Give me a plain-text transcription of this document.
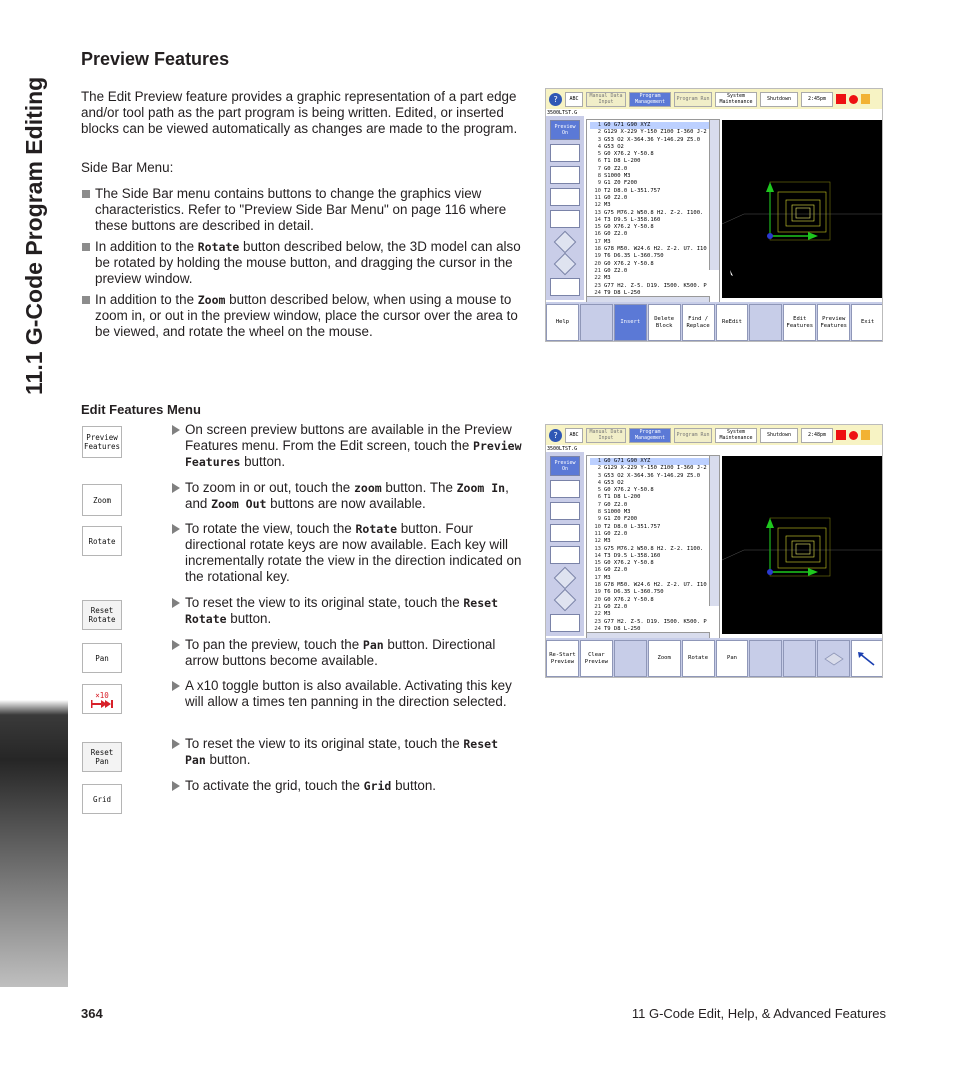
11.1 G-Code Program Editing
Preview Features

The Edit Preview feature provides a graphic representation of a part edge and/or tool path as the part program is being written. Edited, or inserted blocks can be viewed automatically as changes are made to the program.

Side Bar Menu:

The Side Bar menu contains buttons to change the graphics view characteristics. Refer to "Preview Side Bar Menu" on page 116 where these buttons are described in detail.
In addition to the Rotate button described below, the 3D model can also be rotated by holding the mouse button, and dragging the cursor in the preview window.
In addition to the Zoom button described below, when using a mouse to zoom in, or out in the preview window, place the cursor over the area to be viewed, and rotate the wheel on the mouse.
?	ABC	Manual Data Input
Program Management	Program Run	System Maintenance	Shutdown	2:45pm
3500LTST.G
Preview On
1 G0 G71 G90 XYZ
2 G129 X-229 Y-150 Z100 I-360 J-2
3 G53 O2 X-364.36 Y-146.29 Z5.0
4 G53 O2
5 G0 X76.2 Y-50.8
6 T1 D8 L-200
7 G0 Z2.0
8 S1000 M3
9 G1 Z0 F200
10 T2 D8.0 L-351.757
11 G0 Z2.0
12 M3
13 G75 M76.2 W50.8 H2. Z-2. I100.
14 T3 D9.5 L-358.160
15 G0 X76.2 Y-50.8
16 G0 Z2.0
17 M3
18 G78 M50. W24.6 H2. Z-2. U7. I10
19 T6 D6.35 L-360.750
20 G0 X76.2 Y-50.8
21 G0 Z2.0
22 M3
23 G77 H2. Z-5. D19. I500. K500. P
24 T9 D8 L-250
Help	Insert
Delete Block
Find / Replace
ReEdit
Edit Features
Preview Features
Exit
Edit Features Menu
Preview Features
Zoom
Rotate
Reset Rotate
Pan
×10
Reset Pan
Grid
On screen preview buttons are available in the Preview Features menu. From the Edit screen, touch the Preview Features button.
To zoom in or out, touch the zoom button. The Zoom In, and Zoom Out buttons are now available.
To rotate the view, touch the Rotate button. Four directional rotate keys are now available. Each key will incrementally rotate the view in the direction indicated on the rotational key.
To reset the view to its original state, touch the Reset Rotate button.
To pan the preview, touch the Pan button. Directional arrow buttons become available.
A x10 toggle button is also available. Activating this key will allow a times ten panning in the direction selected.
To reset the view to its original state, touch the Reset Pan button.
To activate the grid, touch the Grid button.
?	ABC	Manual Data Input
Program Management	Program Run	System Maintenance	Shutdown	2:48pm
3500LTST.G
Preview On
1 G0 G71 G90 XYZ
2 G129 X-229 Y-150 Z100 I-360 J-2
3 G53 O2 X-364.36 Y-146.29 Z5.0
4 G53 O2
5 G0 X76.2 Y-50.8
6 T1 D8 L-200
7 G0 Z2.0
8 S1000 M3
9 G1 Z0 F200
10 T2 D8.0 L-351.757
11 G0 Z2.0
12 M3
13 G75 M76.2 W50.8 H2. Z-2. I100.
14 T3 D9.5 L-358.160
15 G0 X76.2 Y-50.8
16 G0 Z2.0
17 M3
18 G78 M50. W24.6 H2. Z-2. U7. I10
19 T6 D6.35 L-360.750
20 G0 X76.2 Y-50.8
21 G0 Z2.0
22 M3
23 G77 H2. Z-5. D19. I500. K500. P
24 T9 D8 L-250
Re-Start Preview
Clear Preview
Zoom	Rotate	Pan
364	11 G-Code Edit, Help, & Advanced Features
